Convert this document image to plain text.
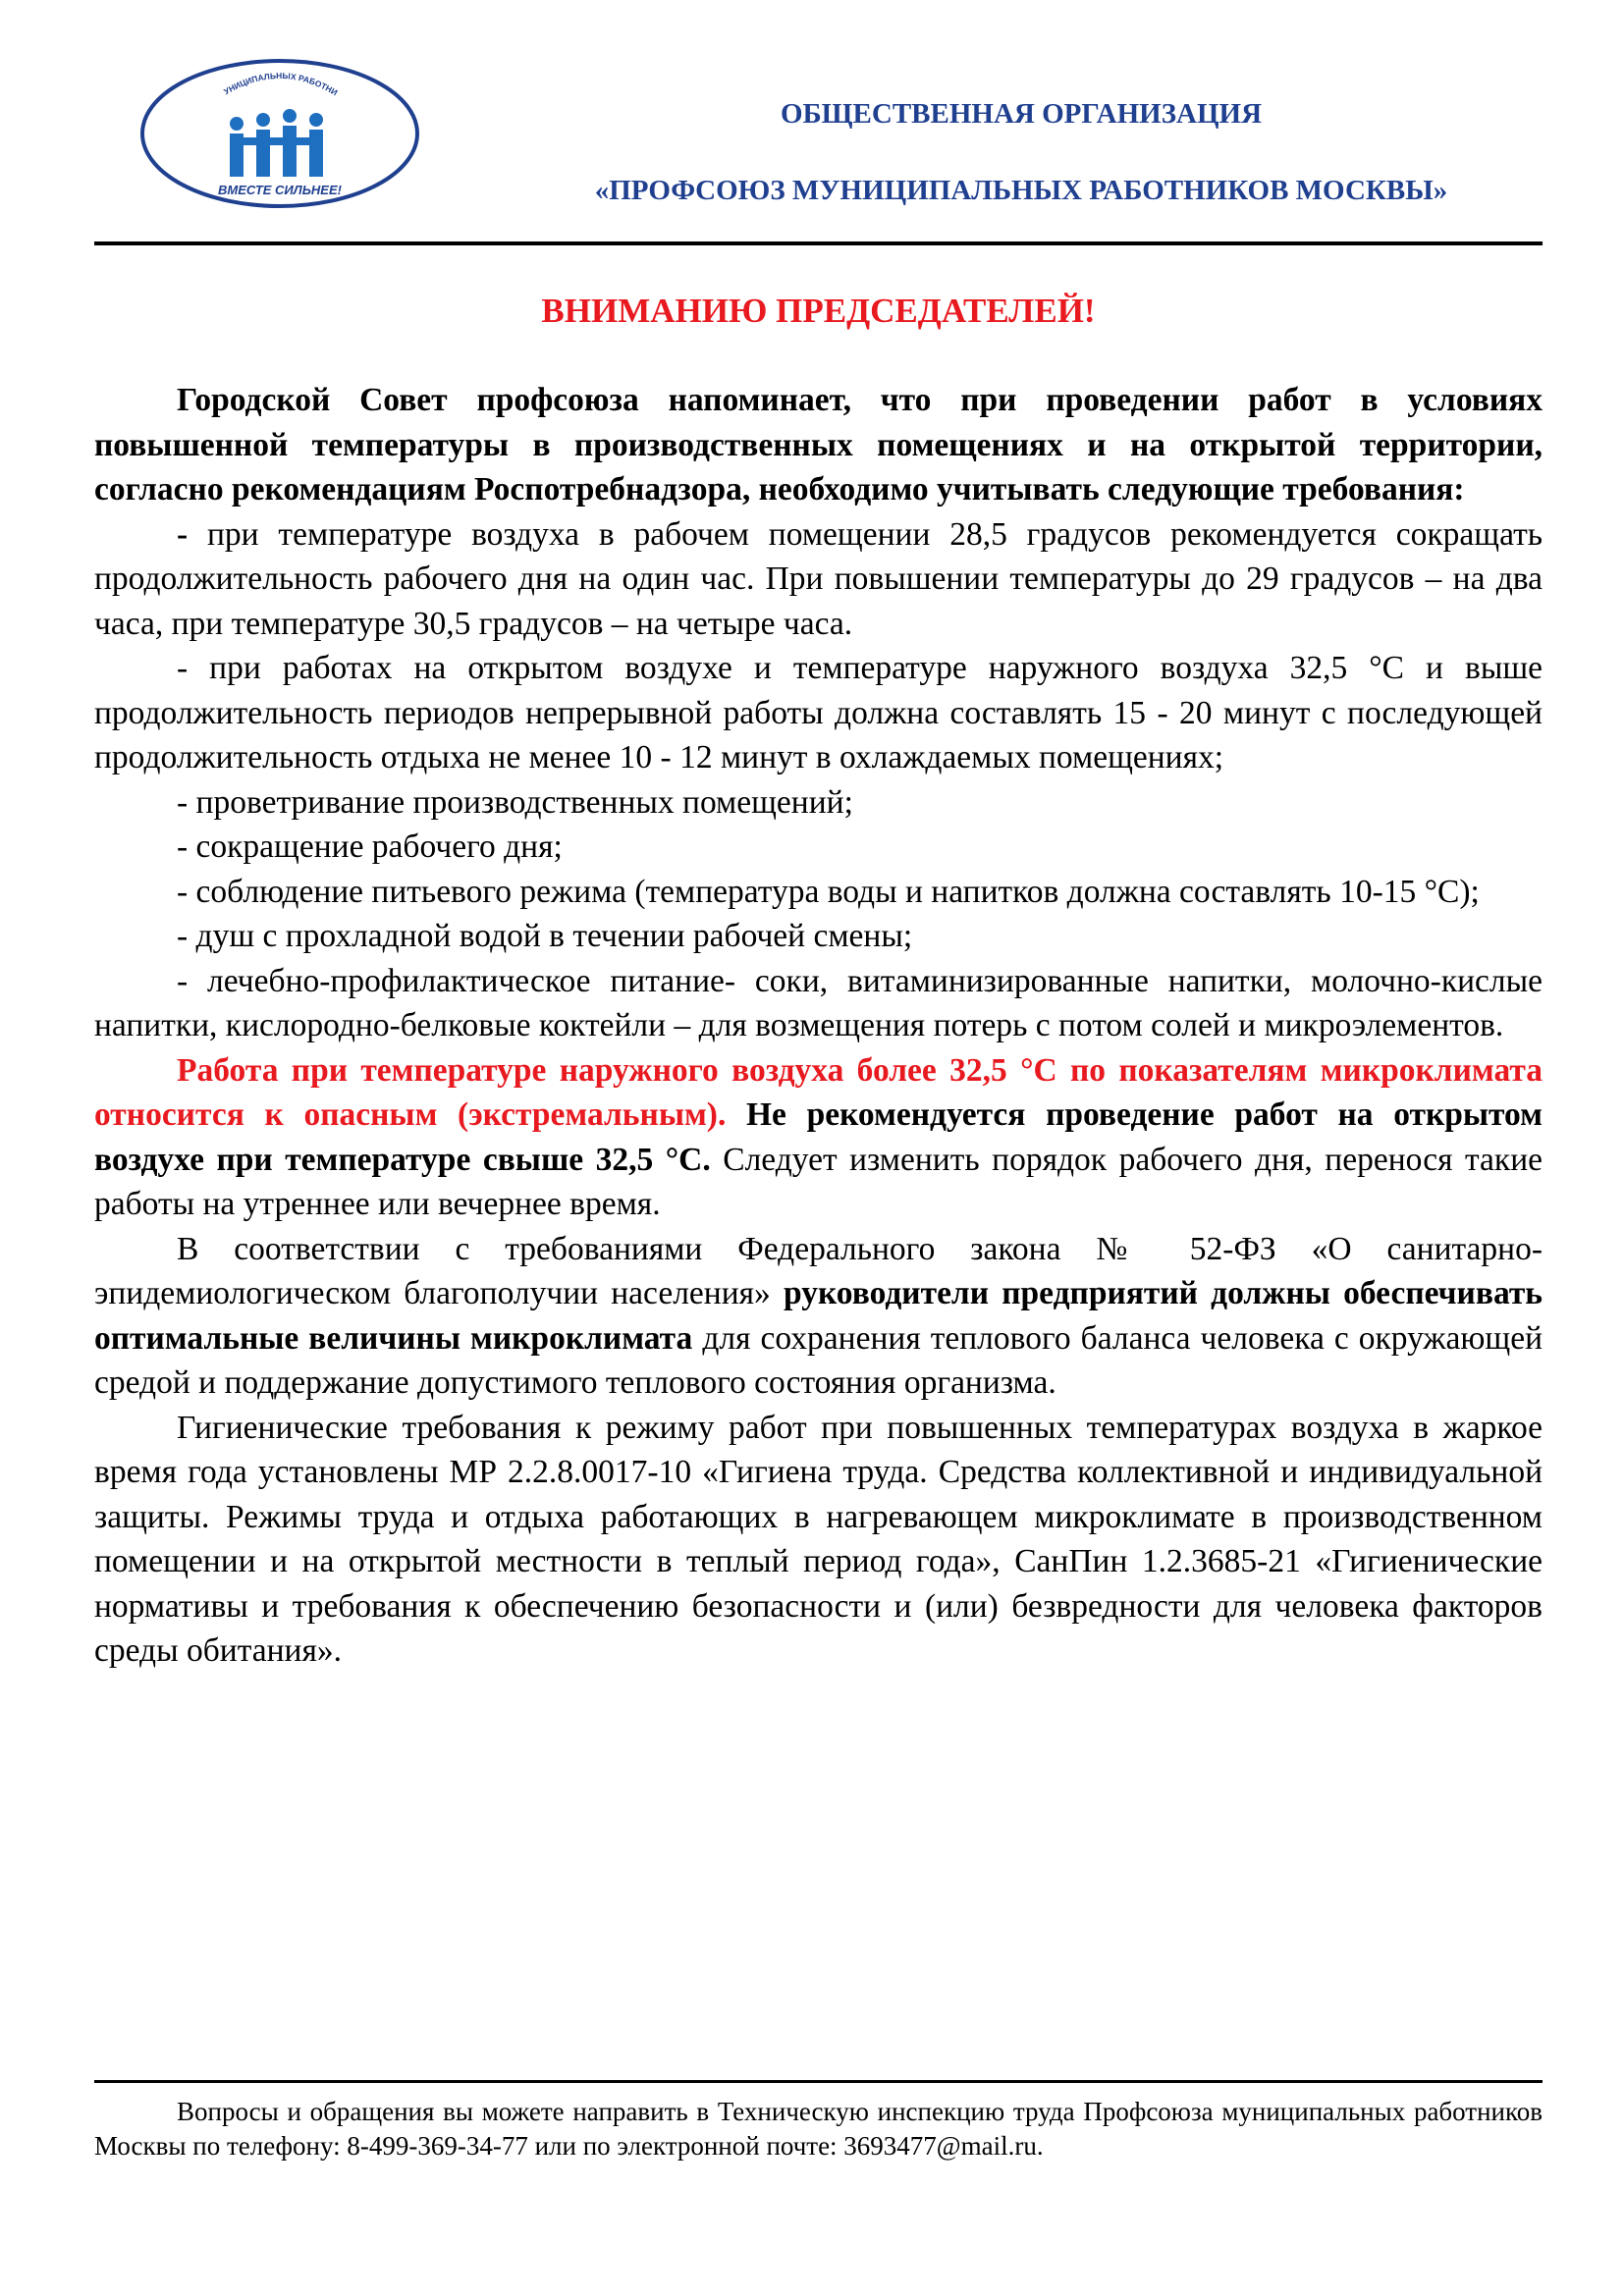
УНИЦИПАЛЬНЫХ РАБОТНИ
ВМЕСТЕ СИЛЬНЕЕ!
ОБЩЕСТВЕННАЯ ОРГАНИЗАЦИЯ
«ПРОФСОЮЗ МУНИЦИПАЛЬНЫХ РАБОТНИКОВ МОСКВЫ»
ВНИМАНИЮ ПРЕДСЕДАТЕЛЕЙ!

Городской Совет профсоюза напоминает, что при проведении работ в условиях повышенной температуры в производственных помещениях и на открытой территории, согласно рекомендациям Роспотребнадзора, необходимо учитывать следующие требования:

- при температуре воздуха в рабочем помещении 28,5 градусов рекомендуется сокращать продолжительность рабочего дня на один час. При повышении температуры до 29 градусов – на два часа, при температуре 30,5 градусов – на четыре часа.

- при работах на открытом воздухе и температуре наружного воздуха 32,5 °С и выше продолжительность периодов непрерывной работы должна составлять 15 - 20 минут с последующей продолжительность отдыха не менее 10 - 12 минут в охлаждаемых помещениях;

- проветривание производственных помещений;

- сокращение рабочего дня;

- соблюдение питьевого режима (температура воды и напитков должна составлять 10-15 °С);

- душ с прохладной водой в течении рабочей смены;

- лечебно-профилактическое питание- соки, витаминизированные напитки, молочно-кислые напитки, кислородно-белковые коктейли – для возмещения потерь с потом солей и микроэлементов.

Работа при температуре наружного воздуха более 32,5 °С по показателям микроклимата относится к опасным (экстремальным). Не рекомендуется проведение работ на открытом воздухе при температуре свыше 32,5 °С. Следует изменить порядок рабочего дня, перенося такие работы на утреннее или вечернее время.

В соответствии с требованиями Федерального закона № 52-ФЗ «О санитарно-эпидемиологическом благополучии населения» руководители предприятий должны обеспечивать оптимальные величины микроклимата для сохранения теплового баланса человека с окружающей средой и поддержание допустимого теплового состояния организма.

Гигиенические требования к режиму работ при повышенных температурах воздуха в жаркое время года установлены МР 2.2.8.0017-10 «Гигиена труда. Средства коллективной и индивидуальной защиты. Режимы труда и отдыха работающих в нагревающем микроклимате в производственном помещении и на открытой местности в теплый период года», СанПин 1.2.3685-21 «Гигиенические нормативы и требования к обеспечению безопасности и (или) безвредности для человека факторов среды обитания».

Вопросы и обращения вы можете направить в Техническую инспекцию труда Профсоюза муниципальных работников Москвы по телефону: 8-499-369-34-77 или по электронной почте: 3693477@mail.ru.
